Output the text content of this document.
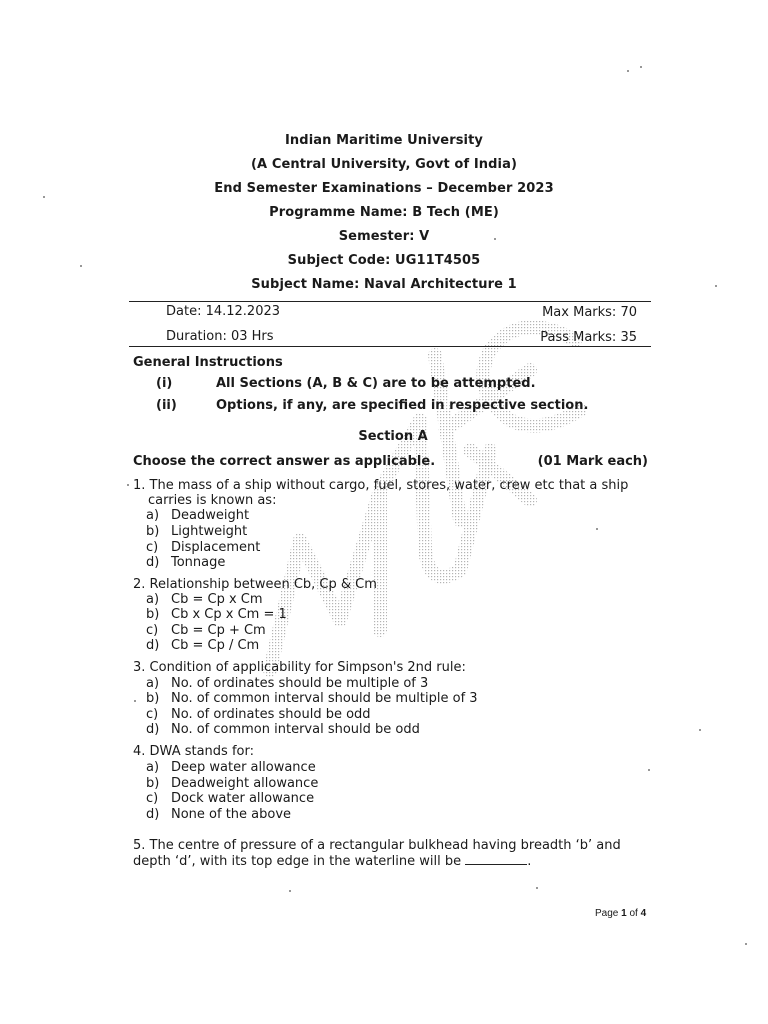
Indian Maritime University
(A Central University, Govt of India)
End Semester Examinations – December 2023
Programme Name: B Tech (ME)
Semester: V
Subject Code: UG11T4505
Subject Name: Naval Architecture 1
Date: 14.12.2023	Max Marks: 70
Duration: 03 Hrs	Pass Marks: 35
General Instructions
(i)	All Sections (A, B & C) are to be attempted.
(ii)	Options, if any, are specified in respective section.
Section A
Choose the correct answer as applicable.	(01 Mark each)
1. The mass of a ship without cargo, fuel, stores, water, crew etc that a ship
carries is known as:
a) Deadweight
b) Lightweight
c) Displacement
d) Tonnage
2. Relationship between Cb, Cp & Cm
a) Cb = Cp x Cm
b) Cb x Cp x Cm = 1
c) Cb = Cp + Cm
d) Cb = Cp / Cm
3. Condition of applicability for Simpson's 2nd rule:
a) No. of ordinates should be multiple of 3
b) No. of common interval should be multiple of 3
c) No. of ordinates should be odd
d) No. of common interval should be odd
4. DWA stands for:
a) Deep water allowance
b) Deadweight allowance
c) Dock water allowance
d) None of the above
5. The centre of pressure of a rectangular bulkhead having breadth ‘b’ and
depth ‘d’, with its top edge in the waterline will be	.
Page 1 of 4
